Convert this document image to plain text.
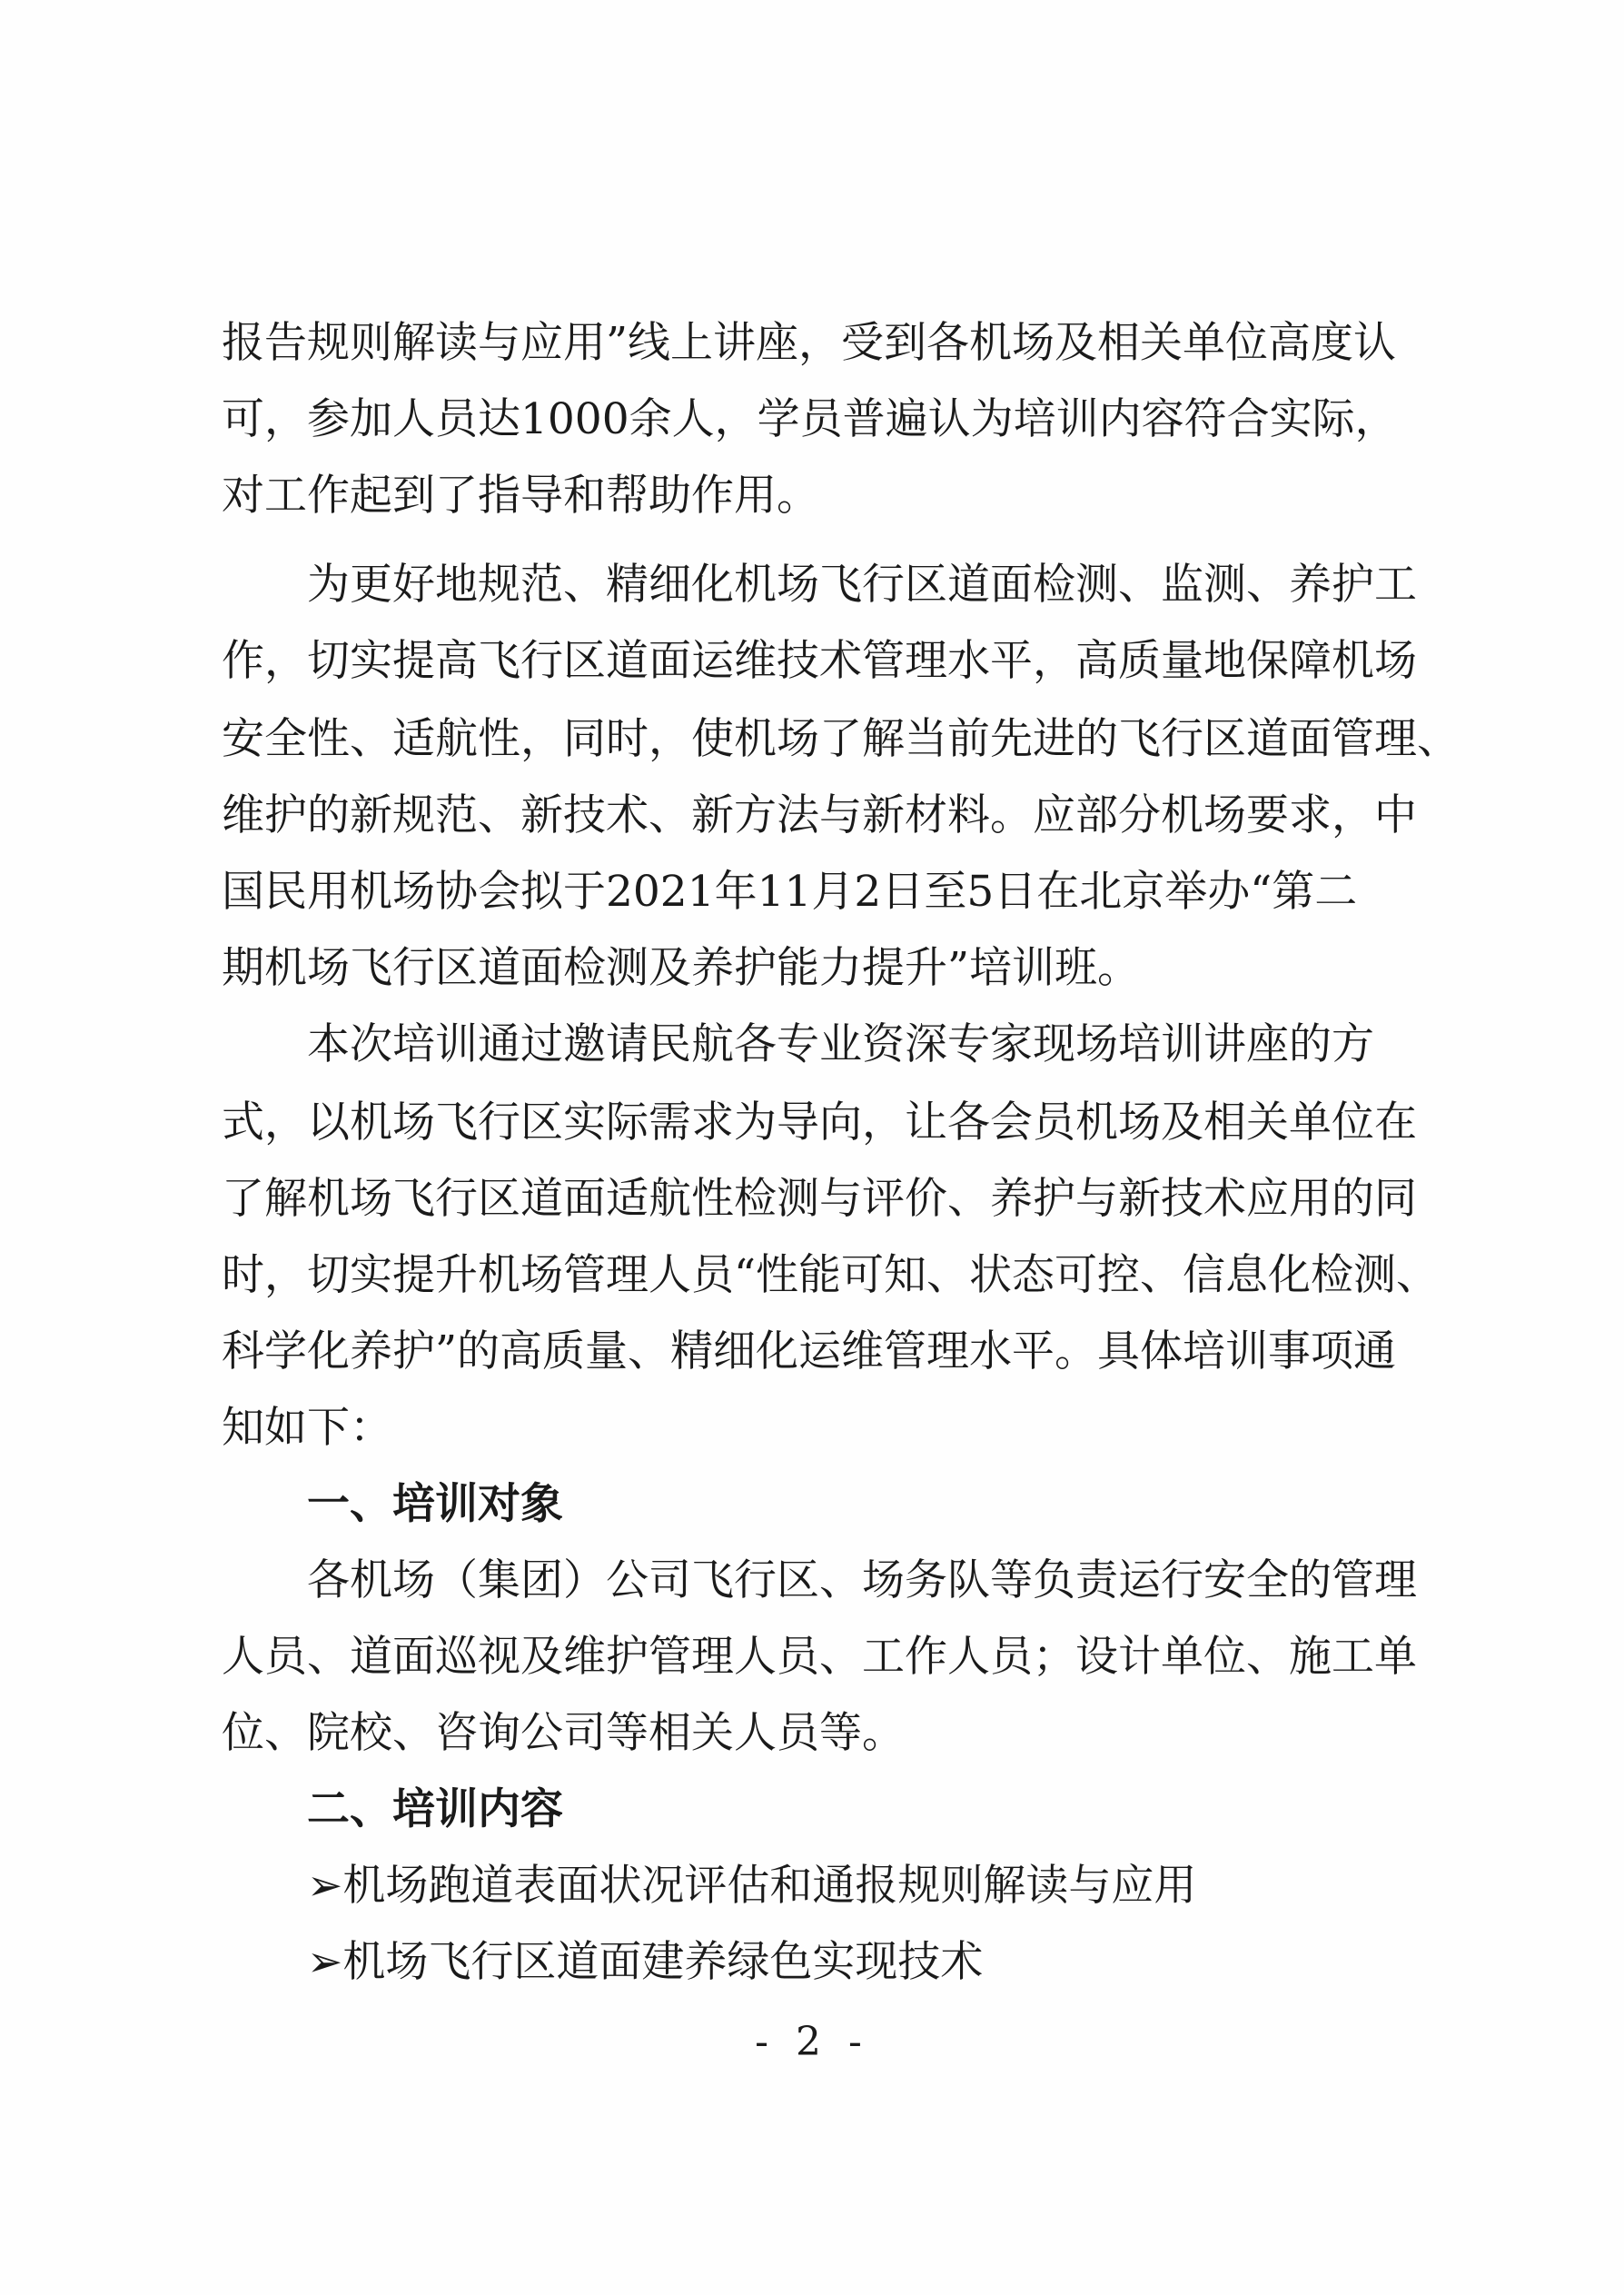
报告规则解读与应用”线上讲座，受到各机场及相关单位高度认
可，参加人员达1000余人，学员普遍认为培训内容符合实际，
对工作起到了指导和帮助作用。
为更好地规范、精细化机场飞行区道面检测、监测、养护工
作，切实提高飞行区道面运维技术管理水平，高质量地保障机场
安全性、适航性，同时，使机场了解当前先进的飞行区道面管理、
维护的新规范、新技术、新方法与新材料。应部分机场要求，中
国民用机场协会拟于2021年11月2日至5日在北京举办“第二
期机场飞行区道面检测及养护能力提升”培训班。
本次培训通过邀请民航各专业资深专家现场培训讲座的方
式，以机场飞行区实际需求为导向，让各会员机场及相关单位在
了解机场飞行区道面适航性检测与评价、养护与新技术应用的同
时，切实提升机场管理人员“性能可知、状态可控、信息化检测、
科学化养护”的高质量、精细化运维管理水平。具体培训事项通
知如下：
一、培训对象
各机场（集团）公司飞行区、场务队等负责运行安全的管理
人员、道面巡视及维护管理人员、工作人员；设计单位、施工单
位、院校、咨询公司等相关人员等。
二、培训内容
➢机场跑道表面状况评估和通报规则解读与应用
➢机场飞行区道面建养绿色实现技术
- 2 -
